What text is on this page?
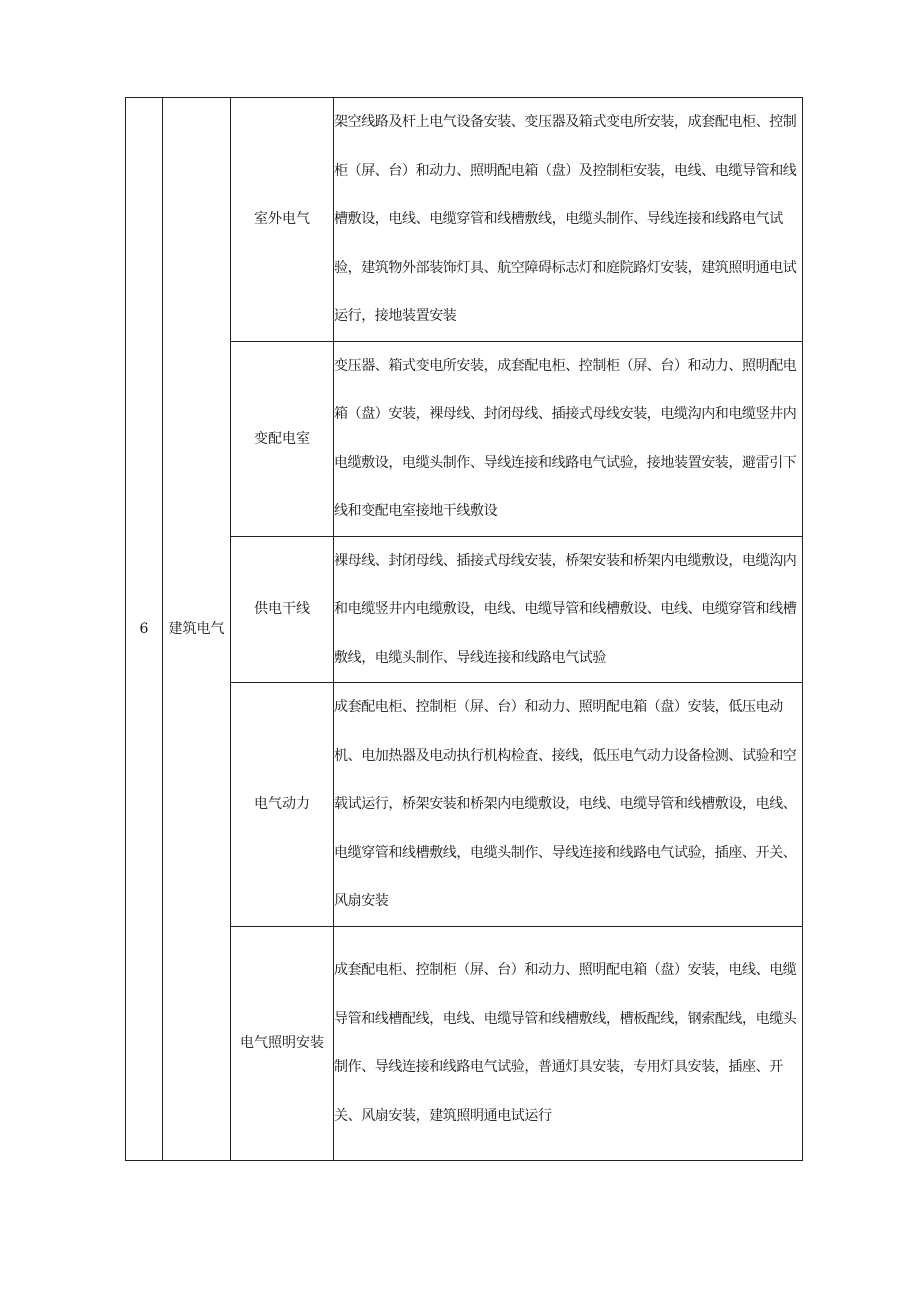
6	建筑电气	室外电气	架空线路及杆上电气设备安装、变压器及箱式变电所安装，成套配电柜、控制柜（屏、台）和动力、照明配电箱（盘）及控制柜安装，电线、电缆导管和线槽敷设，电线、电缆穿管和线槽敷线，电缆头制作、导线连接和线路电气试验，建筑物外部装饰灯具、航空障碍标志灯和庭院路灯安装，建筑照明通电试运行，接地装置安装
		变配电室	变压器、箱式变电所安装，成套配电柜、控制柜（屏、台）和动力、照明配电箱（盘）安装，裸母线、封闭母线、插接式母线安装，电缆沟内和电缆竖井内电缆敷设，电缆头制作、导线连接和线路电气试验，接地装置安装，避雷引下线和变配电室接地干线敷设
		供电干线	裸母线、封闭母线、插接式母线安装，桥架安装和桥架内电缆敷设，电缆沟内和电缆竖井内电缆敷设，电线、电缆导管和线槽敷设、电线、电缆穿管和线槽敷线，电缆头制作、导线连接和线路电气试验
		电气动力	成套配电柜、控制柜（屏、台）和动力、照明配电箱（盘）安装，低压电动机、电加热器及电动执行机构检査、接线，低压电气动力设备检测、试验和空载试运行，桥架安装和桥架内电缆敷设，电线、电缆导管和线槽敷设，电线、电缆穿管和线槽敷线，电缆头制作、导线连接和线路电气试验，插座、开关、风扇安装
		电气照明安装	成套配电柜、控制柜（屏、台）和动力、照明配电箱（盘）安装，电线、电缆导管和线槽配线，电线、电缆导管和线槽敷线，槽板配线，钢索配线，电缆头制作、导线连接和线路电气试验，普通灯具安装，专用灯具安装，插座、开关、风扇安装，建筑照明通电试运行
